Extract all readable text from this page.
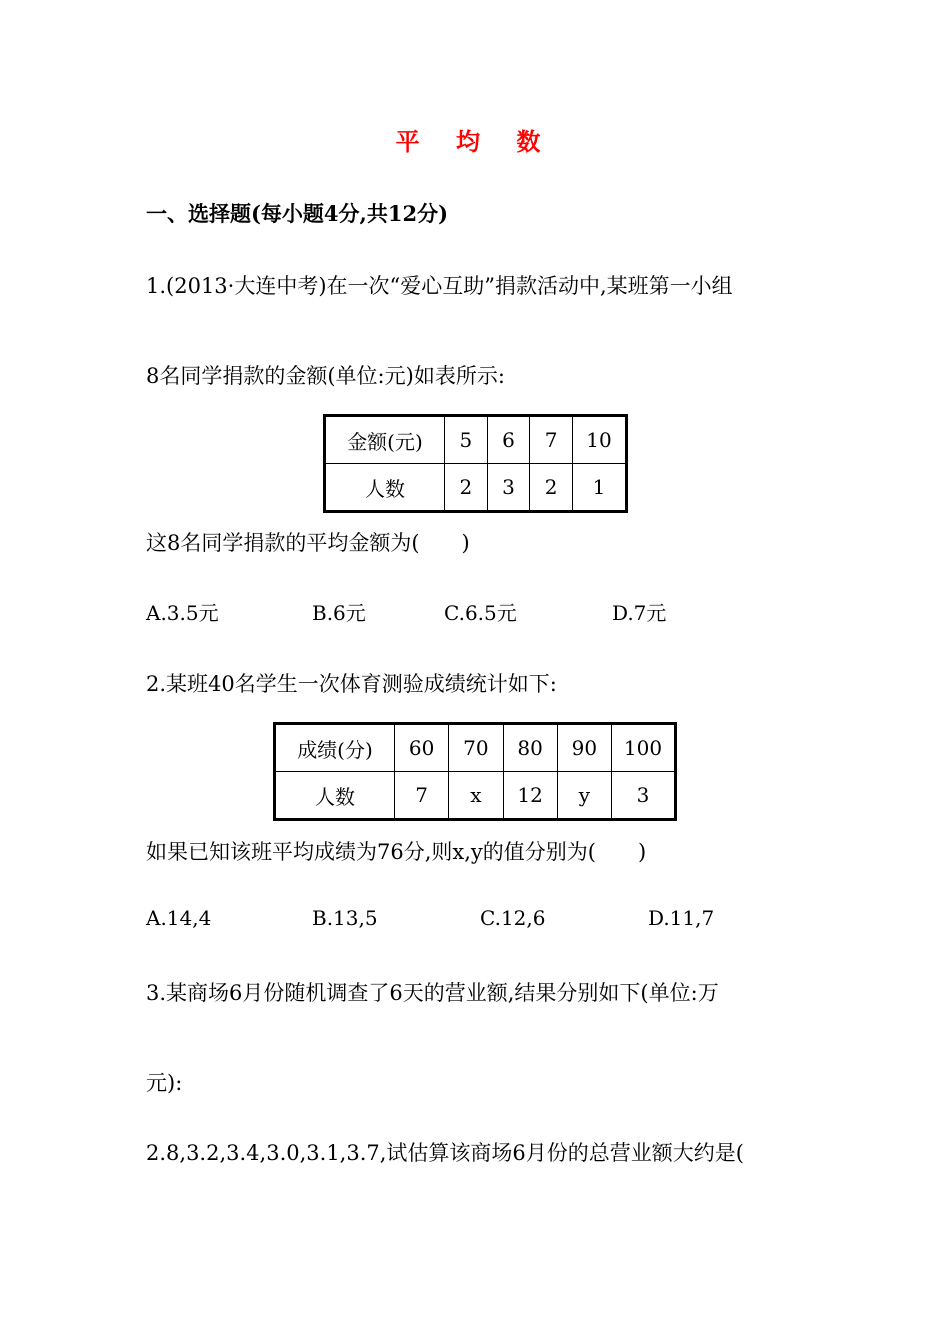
平 均 数
一、选择题(每小题4分,共12分)
1.(2013·大连中考)在一次“爱心互助”捐款活动中,某班第一小组
8名同学捐款的金额(单位:元)如表所示:
金额(元)	5	6	7	10
人数	2	3	2	1
这8名同学捐款的平均金额为(　　)
A.3.5元	B.6元	C.6.5元	D.7元
2.某班40名学生一次体育测验成绩统计如下:
成绩(分)	60	70	80	90	100
人数	7	x	12	y	3
如果已知该班平均成绩为76分,则x,y的值分别为(　　)
A.14,4	B.13,5	C.12,6	D.11,7
3.某商场6月份随机调查了6天的营业额,结果分别如下(单位:万
元):
2.8,3.2,3.4,3.0,3.1,3.7,试估算该商场6月份的总营业额大约是(
